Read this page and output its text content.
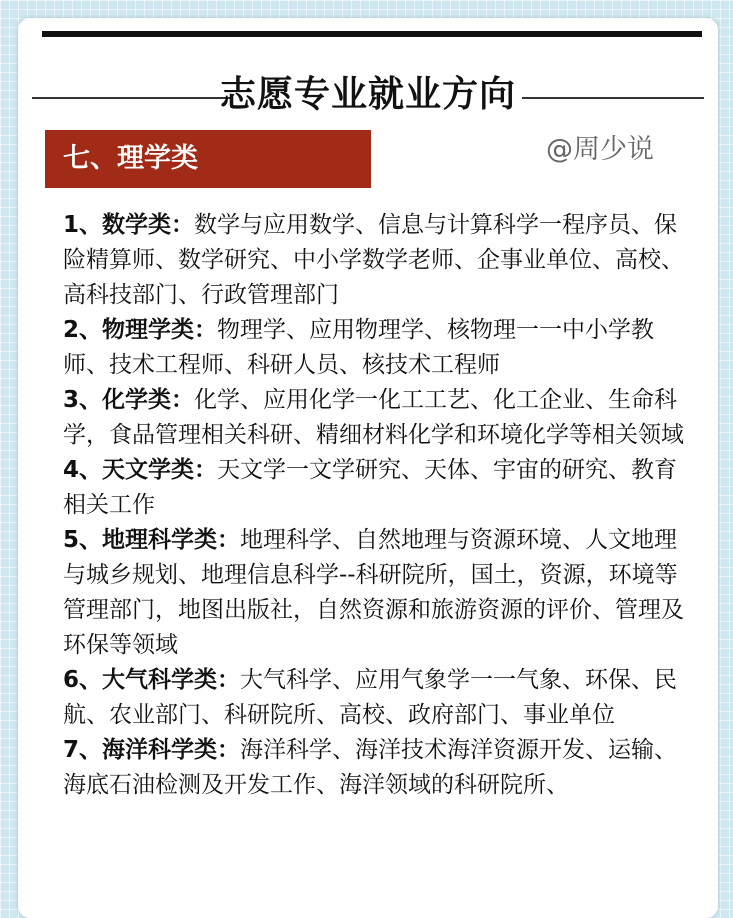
志愿专业就业方向
七、理学类	@周少说

1、数学类：数学与应用数学、信息与计算科学一程序员、保险精算师、数学研究、中小学数学老师、企事业单位、高校、高科技部门、行政管理部门

2、物理学类：物理学、应用物理学、核物理一一中小学教师、技术工程师、科研人员、核技术工程师

3、化学类：化学、应用化学一化工工艺、化工企业、生命科学，食品管理相关科研、精细材料化学和环境化学等相关领域

4、天文学类：天文学一文学研究、天体、宇宙的研究、教育相关工作

5、地理科学类：地理科学、自然地理与资源环境、人文地理与城乡规划、地理信息科学--科研院所，国土，资源，环境等管理部门，地图出版社，自然资源和旅游资源的评价、管理及环保等领域

6、大气科学类：大气科学、应用气象学一一气象、环保、民航、农业部门、科研院所、高校、政府部门、事业单位

7、海洋科学类：海洋科学、海洋技术海洋资源开发、运输、海底石油检测及开发工作、海洋领域的科研院所、
